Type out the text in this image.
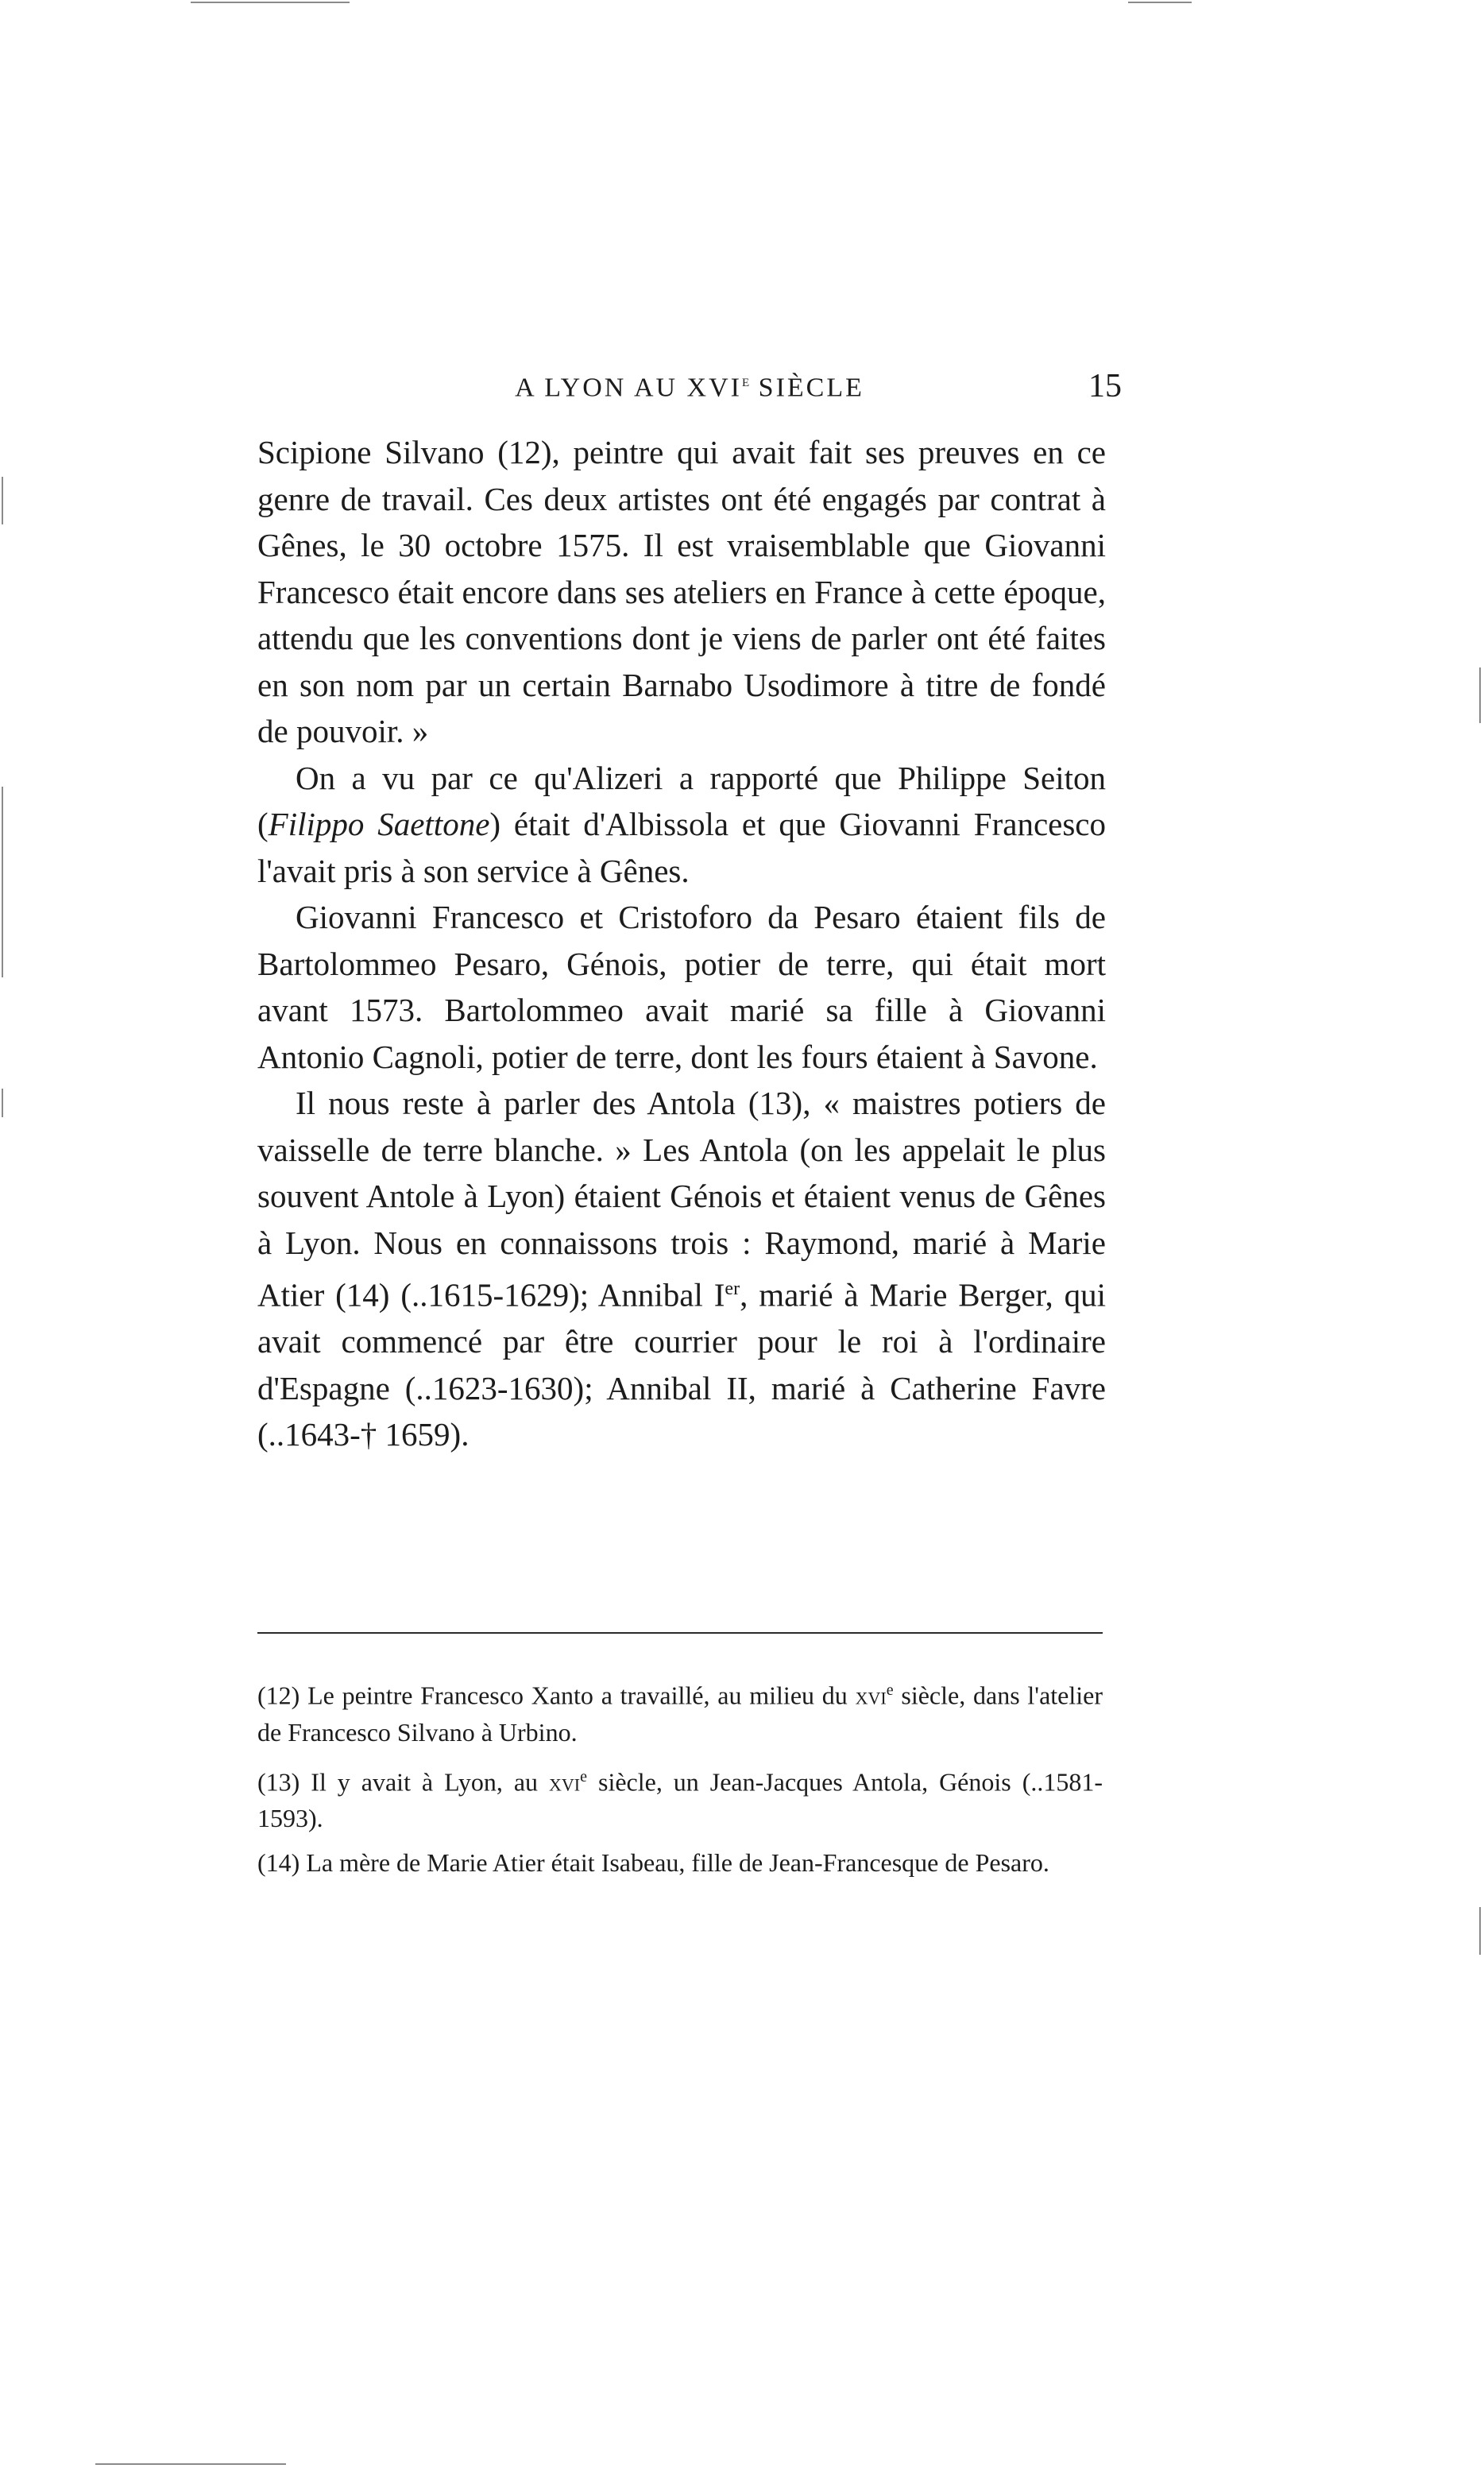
A LYON AU XVIe SIÈCLE	15

Scipione Silvano (12), peintre qui avait fait ses preuves en ce genre de travail. Ces deux artistes ont été engagés par contrat à Gênes, le 30 octobre 1575. Il est vraisemblable que Giovanni Francesco était encore dans ses ateliers en France à cette époque, attendu que les conventions dont je viens de parler ont été faites en son nom par un certain Barnabo Usodimore à titre de fondé de pouvoir. »

On a vu par ce qu'Alizeri a rapporté que Philippe Seiton (Filippo Saettone) était d'Albissola et que Giovanni Francesco l'avait pris à son service à Gênes.

Giovanni Francesco et Cristoforo da Pesaro étaient fils de Bartolommeo Pesaro, Génois, potier de terre, qui était mort avant 1573. Bartolommeo avait marié sa fille à Giovanni Antonio Cagnoli, potier de terre, dont les fours étaient à Savone.

Il nous reste à parler des Antola (13), « maistres potiers de vaisselle de terre blanche. » Les Antola (on les appelait le plus souvent Antole à Lyon) étaient Génois et étaient venus de Gênes à Lyon. Nous en connaissons trois : Raymond, marié à Marie Atier (14) (..1615-1629); Annibal Ier, marié à Marie Berger, qui avait commencé par être courrier pour le roi à l'ordinaire d'Espagne (..1623-1630); Annibal II, marié à Catherine Favre (..1643-† 1659).

(12) Le peintre Francesco Xanto a travaillé, au milieu du xvi$^e$ siècle, dans l'atelier de Francesco Silvano à Urbino.

(13) Il y avait à Lyon, au xvi$^e$ siècle, un Jean-Jacques Antola, Génois (..1581-1593).

(14) La mère de Marie Atier était Isabeau, fille de Jean-Francesque de Pesaro.
